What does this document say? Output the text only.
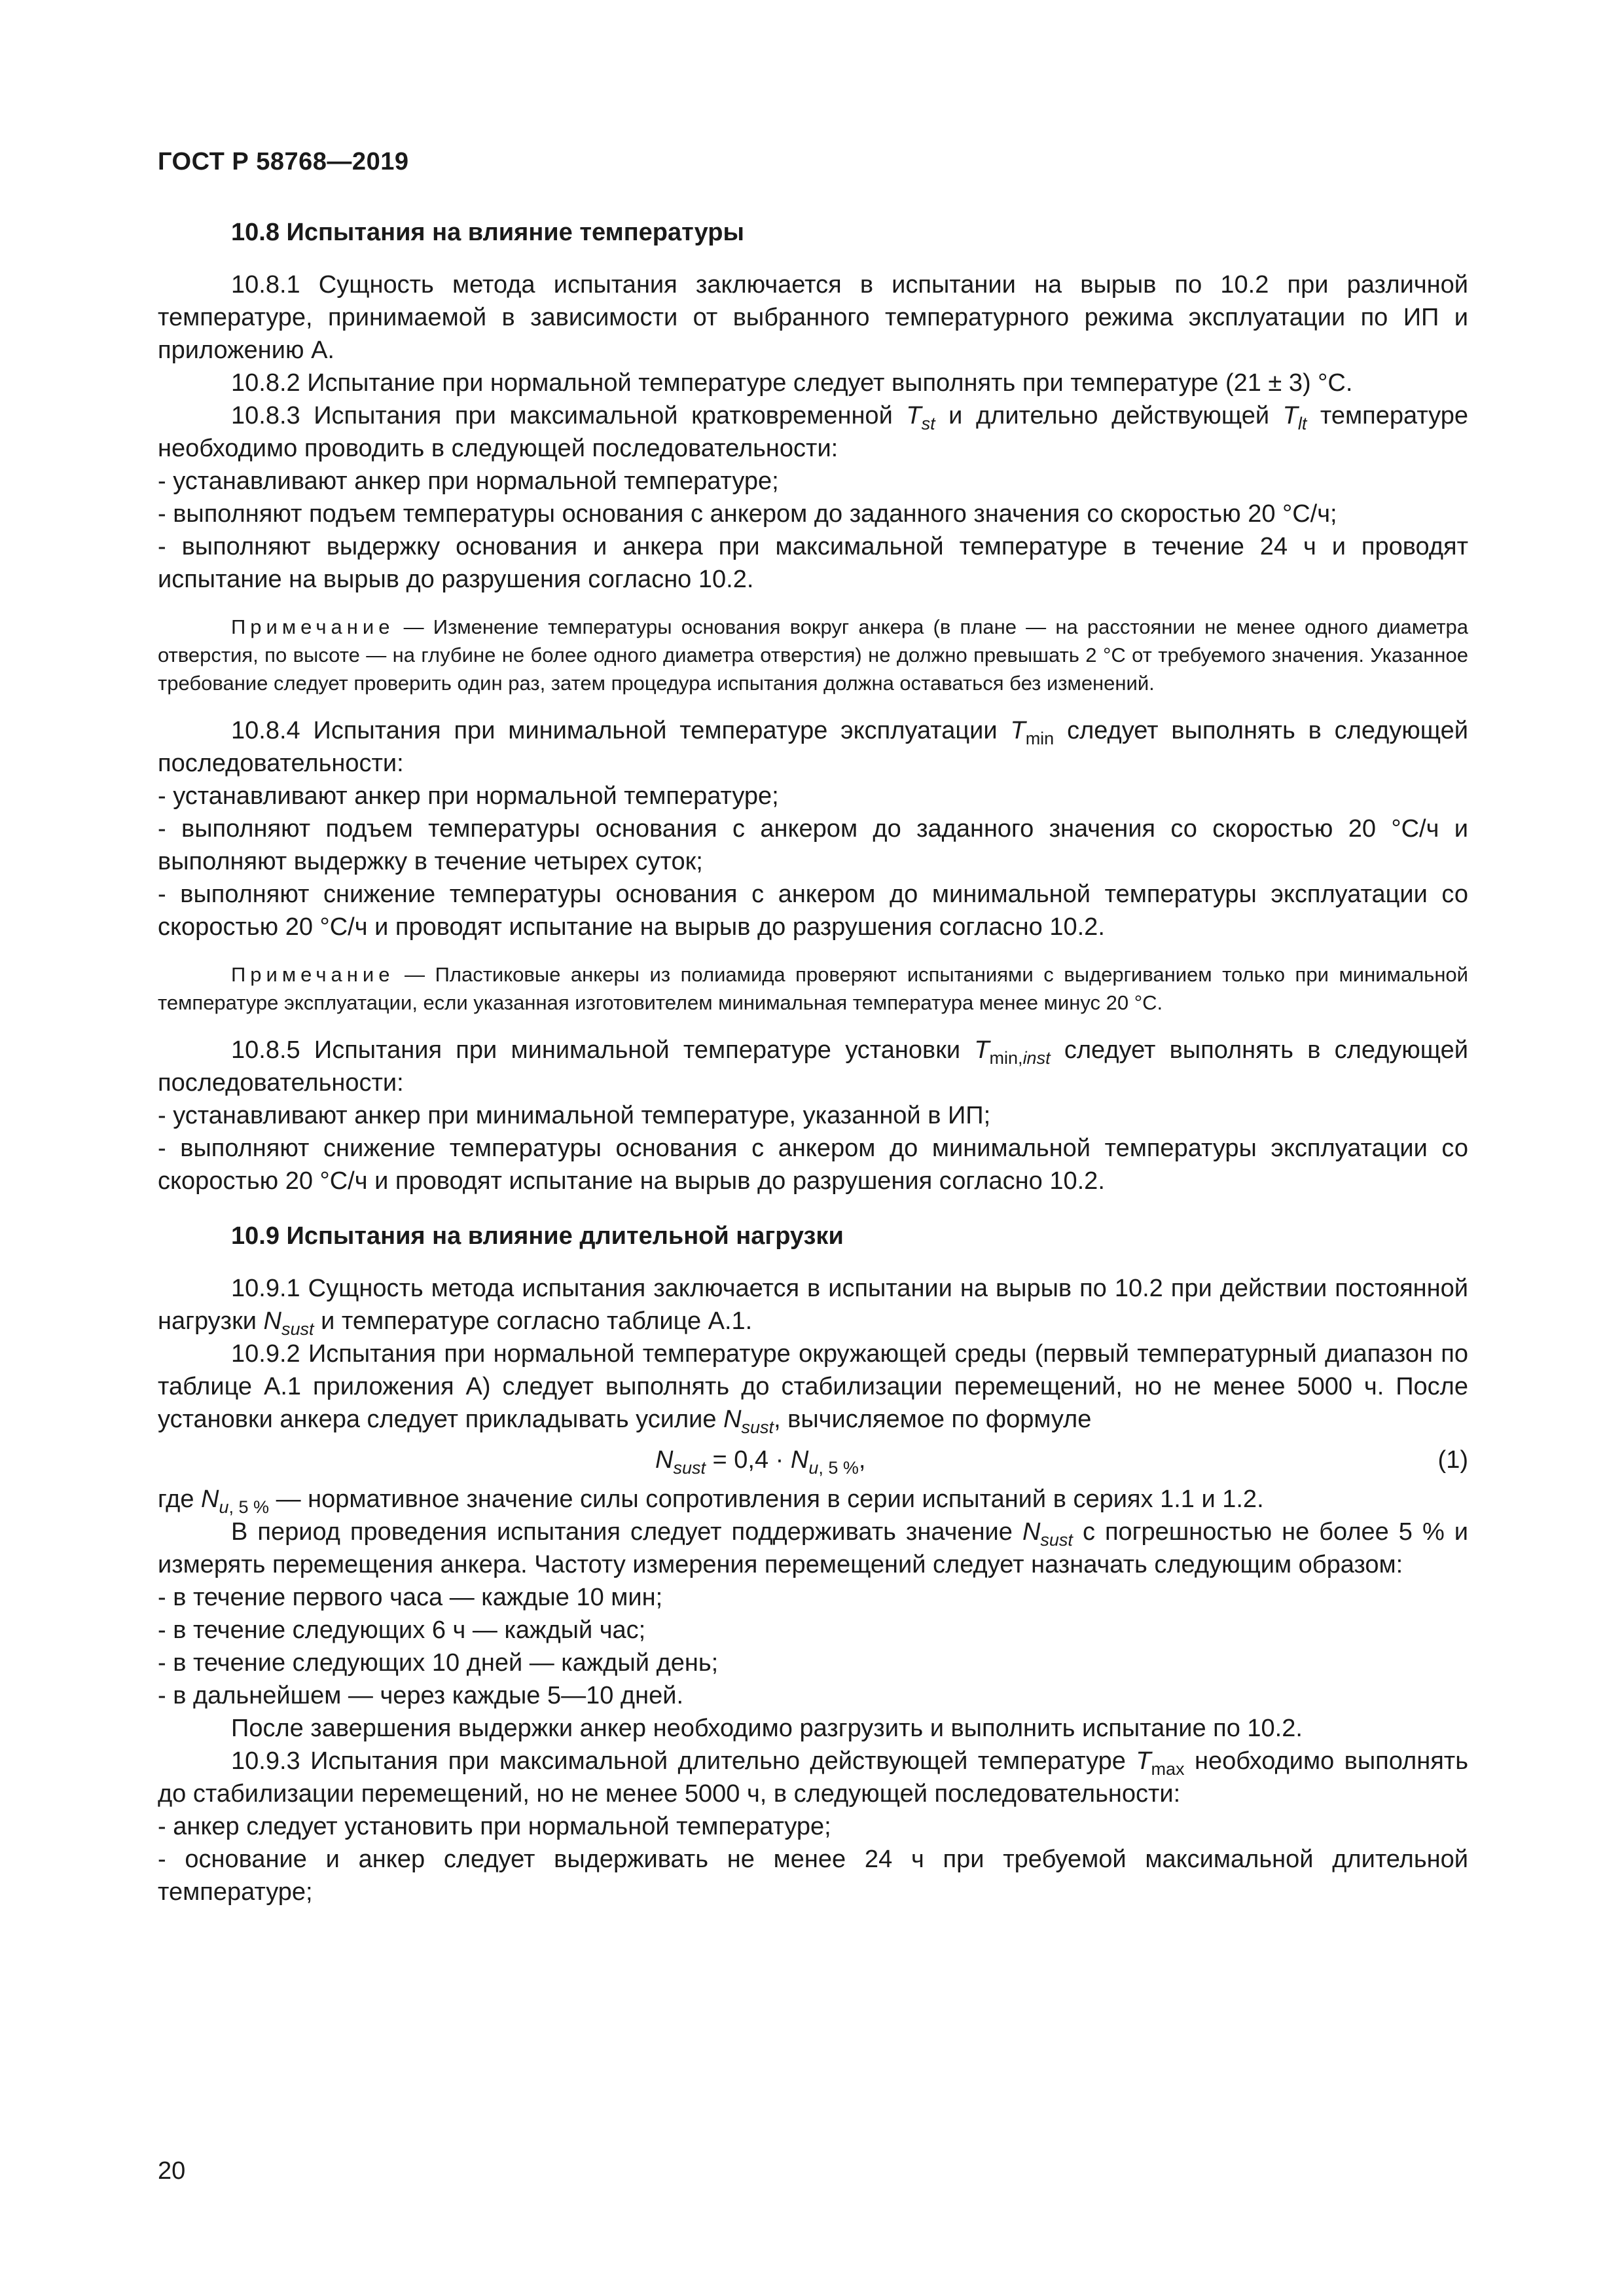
ГОСТ Р 58768—2019

10.8 Испытания на влияние температуры

10.8.1 Сущность метода испытания заключается в испытании на вырыв по 10.2 при различной температуре, принимаемой в зависимости от выбранного температурного режима эксплуатации по ИП и приложению А.

10.8.2 Испытание при нормальной температуре следует выполнять при температуре (21 ± 3) °С.

10.8.3 Испытания при максимальной кратковременной $T_{st}$ и длительно действующей $T_{lt}$ температуре необходимо проводить в следующей последовательности:

- устанавливают анкер при нормальной температуре;

- выполняют подъем температуры основания с анкером до заданного значения со скоростью 20 °С/ч;

- выполняют выдержку основания и анкера при максимальной температуре в течение 24 ч и проводят испытание на вырыв до разрушения согласно 10.2.

Примечание — Изменение температуры основания вокруг анкера (в плане — на расстоянии не менее одного диаметра отверстия, по высоте — на глубине не более одного диаметра отверстия) не должно превышать 2 °С от требуемого значения. Указанное требование следует проверить один раз, затем процедура испытания должна оставаться без изменений.

10.8.4 Испытания при минимальной температуре эксплуатации $T_{min}$ следует выполнять в следующей последовательности:

- устанавливают анкер при нормальной температуре;

- выполняют подъем температуры основания с анкером до заданного значения со скоростью 20 °С/ч и выполняют выдержку в течение четырех суток;

- выполняют снижение температуры основания с анкером до минимальной температуры эксплуатации со скоростью 20 °С/ч и проводят испытание на вырыв до разрушения согласно 10.2.

Примечание — Пластиковые анкеры из полиамида проверяют испытаниями с выдергиванием только при минимальной температуре эксплуатации, если указанная изготовителем минимальная температура менее минус 20 °С.

10.8.5 Испытания при минимальной температуре установки $T_{min,inst}$ следует выполнять в следующей последовательности:

- устанавливают анкер при минимальной температуре, указанной в ИП;

- выполняют снижение температуры основания с анкером до минимальной температуры эксплуатации со скоростью 20 °С/ч и проводят испытание на вырыв до разрушения согласно 10.2.

10.9 Испытания на влияние длительной нагрузки

10.9.1 Сущность метода испытания заключается в испытании на вырыв по 10.2 при действии постоянной нагрузки $N_{sust}$ и температуре согласно таблице А.1.

10.9.2 Испытания при нормальной температуре окружающей среды (первый температурный диапазон по таблице А.1 приложения А) следует выполнять до стабилизации перемещений, но не менее 5000 ч. После установки анкера следует прикладывать усилие $N_{sust}$, вычисляемое по формуле

$N_{sust} = 0,4 \cdot N_{u, 5 \%}$,	(1)

где $N_{u, 5 \%}$ — нормативное значение силы сопротивления в серии испытаний в сериях 1.1 и 1.2.

В период проведения испытания следует поддерживать значение $N_{sust}$ с погрешностью не более 5 % и измерять перемещения анкера. Частоту измерения перемещений следует назначать следующим образом:

- в течение первого часа — каждые 10 мин;

- в течение следующих 6 ч — каждый час;

- в течение следующих 10 дней — каждый день;

- в дальнейшем — через каждые 5—10 дней.

После завершения выдержки анкер необходимо разгрузить и выполнить испытание по 10.2.

10.9.3 Испытания при максимальной длительно действующей температуре $T_{max}$ необходимо выполнять до стабилизации перемещений, но не менее 5000 ч, в следующей последовательности:

- анкер следует установить при нормальной температуре;

- основание и анкер следует выдерживать не менее 24 ч при требуемой максимальной длительной температуре;

20
